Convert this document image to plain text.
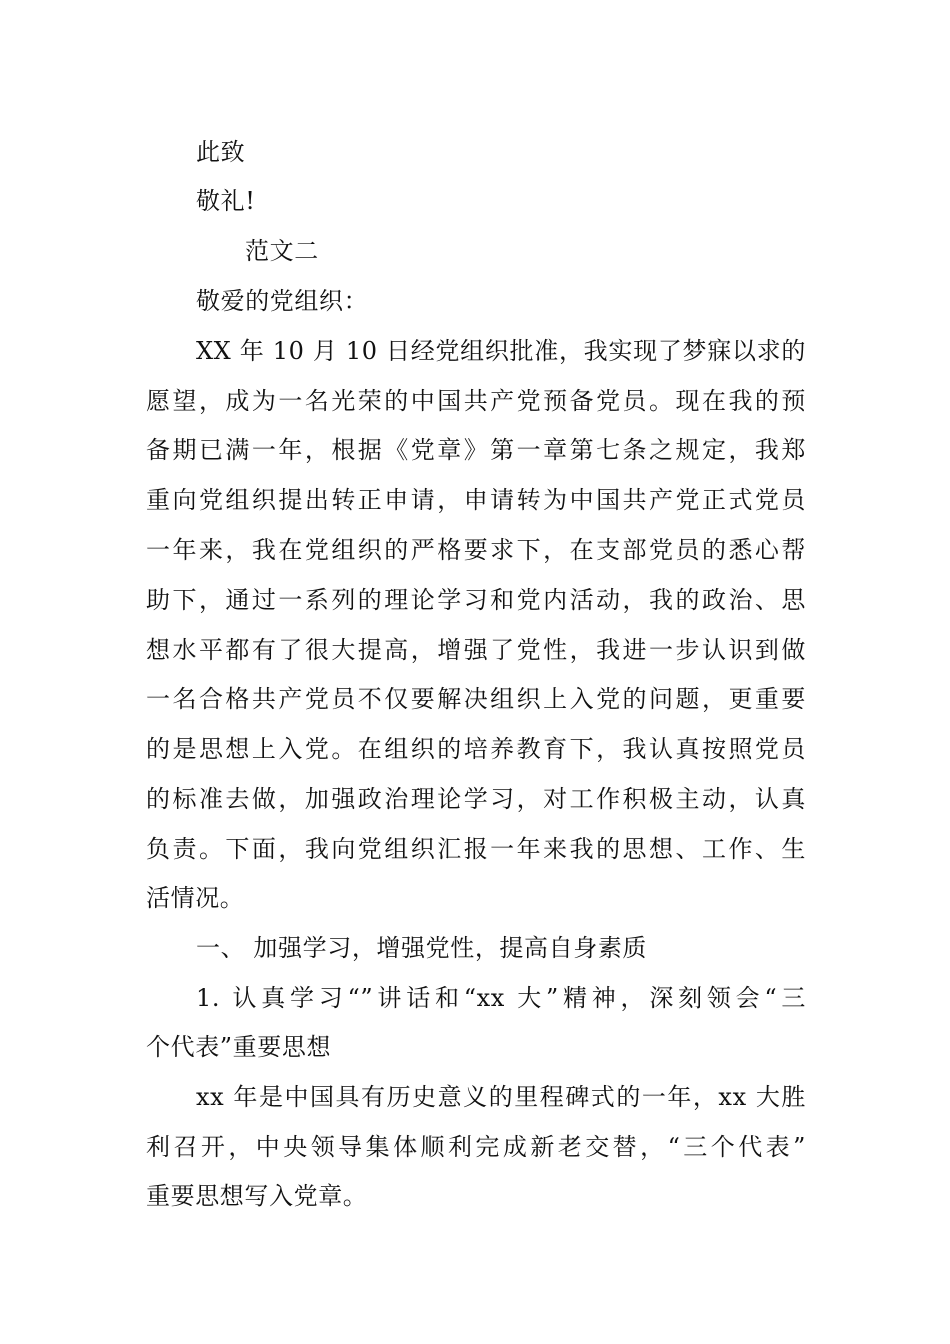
此致
敬礼!
范文二
敬爱的党组织：
XX 年 10 月 10 日经党组织批准，我实现了梦寐以求的
愿望，成为一名光荣的中国共产党预备党员。现在我的预
备期已满一年，根据《党章》第一章第七条之规定，我郑
重向党组织提出转正申请，申请转为中国共产党正式党员
一年来，我在党组织的严格要求下，在支部党员的悉心帮
助下，通过一系列的理论学习和党内活动，我的政治、思
想水平都有了很大提高，增强了党性，我进一步认识到做
一名合格共产党员不仅要解决组织上入党的问题，更重要
的是思想上入党。在组织的培养教育下，我认真按照党员
的标准去做，加强政治理论学习，对工作积极主动，认真
负责。下面，我向党组织汇报一年来我的思想、工作、生
活情况。
一、 加强学习，增强党性，提高自身素质
1. 认真学习“”讲话和“xx 大”精神，深刻领会“三
个代表”重要思想
xx 年是中国具有历史意义的里程碑式的一年，xx 大胜
利召开，中央领导集体顺利完成新老交替，“三个代表”
重要思想写入党章。
